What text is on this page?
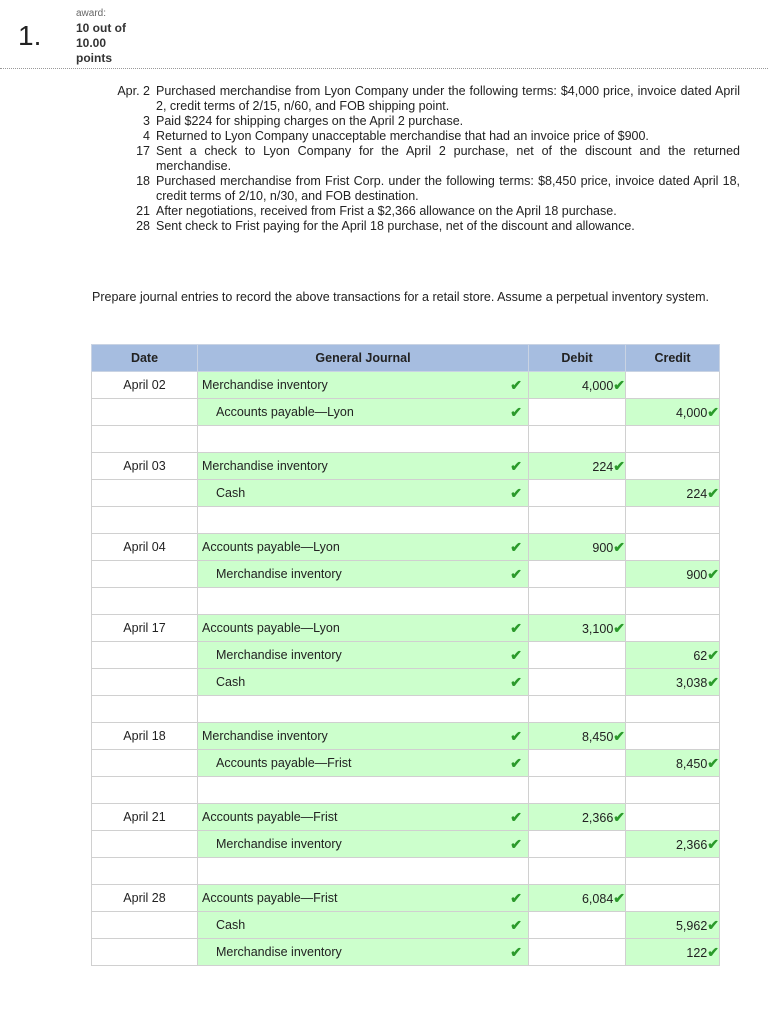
1.
award:
10 out of
10.00
points
Apr. 2 Purchased merchandise from Lyon Company under the following terms: $4,000 price, invoice dated April 2, credit terms of 2/15, n/60, and FOB shipping point.
3 Paid $224 for shipping charges on the April 2 purchase.
4 Returned to Lyon Company unacceptable merchandise that had an invoice price of $900.
17 Sent a check to Lyon Company for the April 2 purchase, net of the discount and the returned merchandise.
18 Purchased merchandise from Frist Corp. under the following terms: $8,450 price, invoice dated April 18, credit terms of 2/10, n/30, and FOB destination.
21 After negotiations, received from Frist a $2,366 allowance on the April 18 purchase.
28 Sent check to Frist paying for the April 18 purchase, net of the discount and allowance.
Prepare journal entries to record the above transactions for a retail store. Assume a perpetual inventory system.
Date	General Journal	Debit	Credit
April 02	Merchandise inventory ✔	4,000✔	

	Accounts payable—Lyon ✔		4,000✔

April 03	Merchandise inventory ✔	224✔	

	Cash ✔		224✔

April 04	Accounts payable—Lyon ✔	900✔	

	Merchandise inventory ✔		900✔

April 17	Accounts payable—Lyon ✔	3,100✔	

	Merchandise inventory ✔		62✔

	Cash ✔		3,038✔

April 18	Merchandise inventory ✔	8,450✔	

	Accounts payable—Frist ✔		8,450✔

April 21	Accounts payable—Frist ✔	2,366✔	

	Merchandise inventory ✔		2,366✔

April 28	Accounts payable—Frist ✔	6,084✔	

	Cash ✔		5,962✔

	Merchandise inventory ✔		122✔
